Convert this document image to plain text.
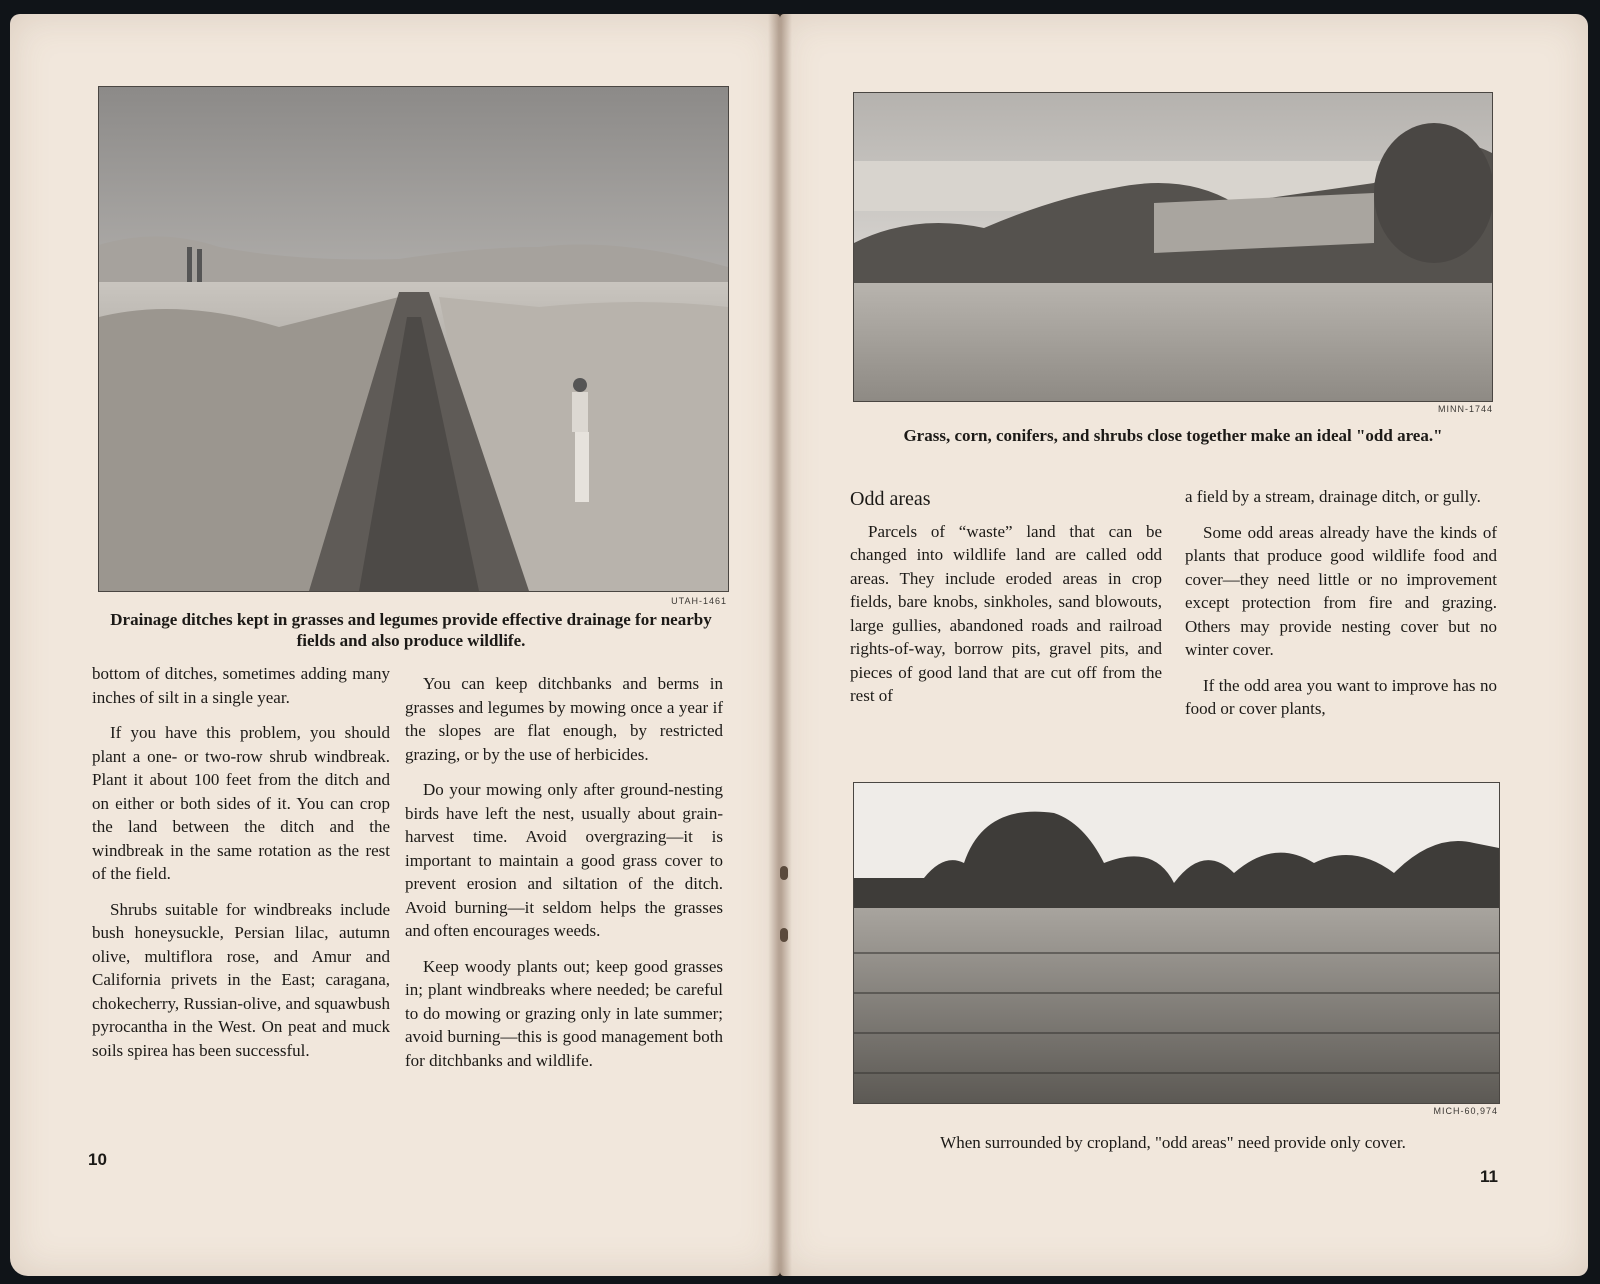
UTAH-1461
Drainage ditches kept in grasses and legumes provide effective drainage for nearby fields and also produce wildlife.

bottom of ditches, sometimes adding many inches of silt in a single year.

If you have this problem, you should plant a one- or two-row shrub windbreak. Plant it about 100 feet from the ditch and on either or both sides of it. You can crop the land between the ditch and the windbreak in the same rotation as the rest of the field.

Shrubs suitable for windbreaks include bush honeysuckle, Persian lilac, autumn olive, multiflora rose, and Amur and California privets in the East; caragana, chokecherry, Russian-olive, and squawbush pyrocantha in the West. On peat and muck soils spirea has been successful.

You can keep ditchbanks and berms in grasses and legumes by mowing once a year if the slopes are flat enough, by restricted grazing, or by the use of herbicides.

Do your mowing only after ground-nesting birds have left the nest, usually about grain-harvest time. Avoid overgrazing—it is important to maintain a good grass cover to prevent erosion and siltation of the ditch. Avoid burning—it seldom helps the grasses and often encourages weeds.

Keep woody plants out; keep good grasses in; plant windbreaks where needed; be careful to do mowing or grazing only in late summer; avoid burning—this is good management both for ditchbanks and wildlife.

10
MINN-1744
Grass, corn, conifers, and shrubs close together make an ideal "odd area."

Odd areas

Parcels of “waste” land that can be changed into wildlife land are called odd areas. They include eroded areas in crop fields, bare knobs, sinkholes, sand blowouts, large gullies, abandoned roads and railroad rights-of-way, borrow pits, gravel pits, and pieces of good land that are cut off from the rest of

a field by a stream, drainage ditch, or gully.

Some odd areas already have the kinds of plants that produce good wildlife food and cover—they need little or no improvement except protection from fire and grazing. Others may provide nesting cover but no winter cover.

If the odd area you want to improve has no food or cover plants,

MICH-60,974
When surrounded by cropland, "odd areas" need provide only cover.
11
